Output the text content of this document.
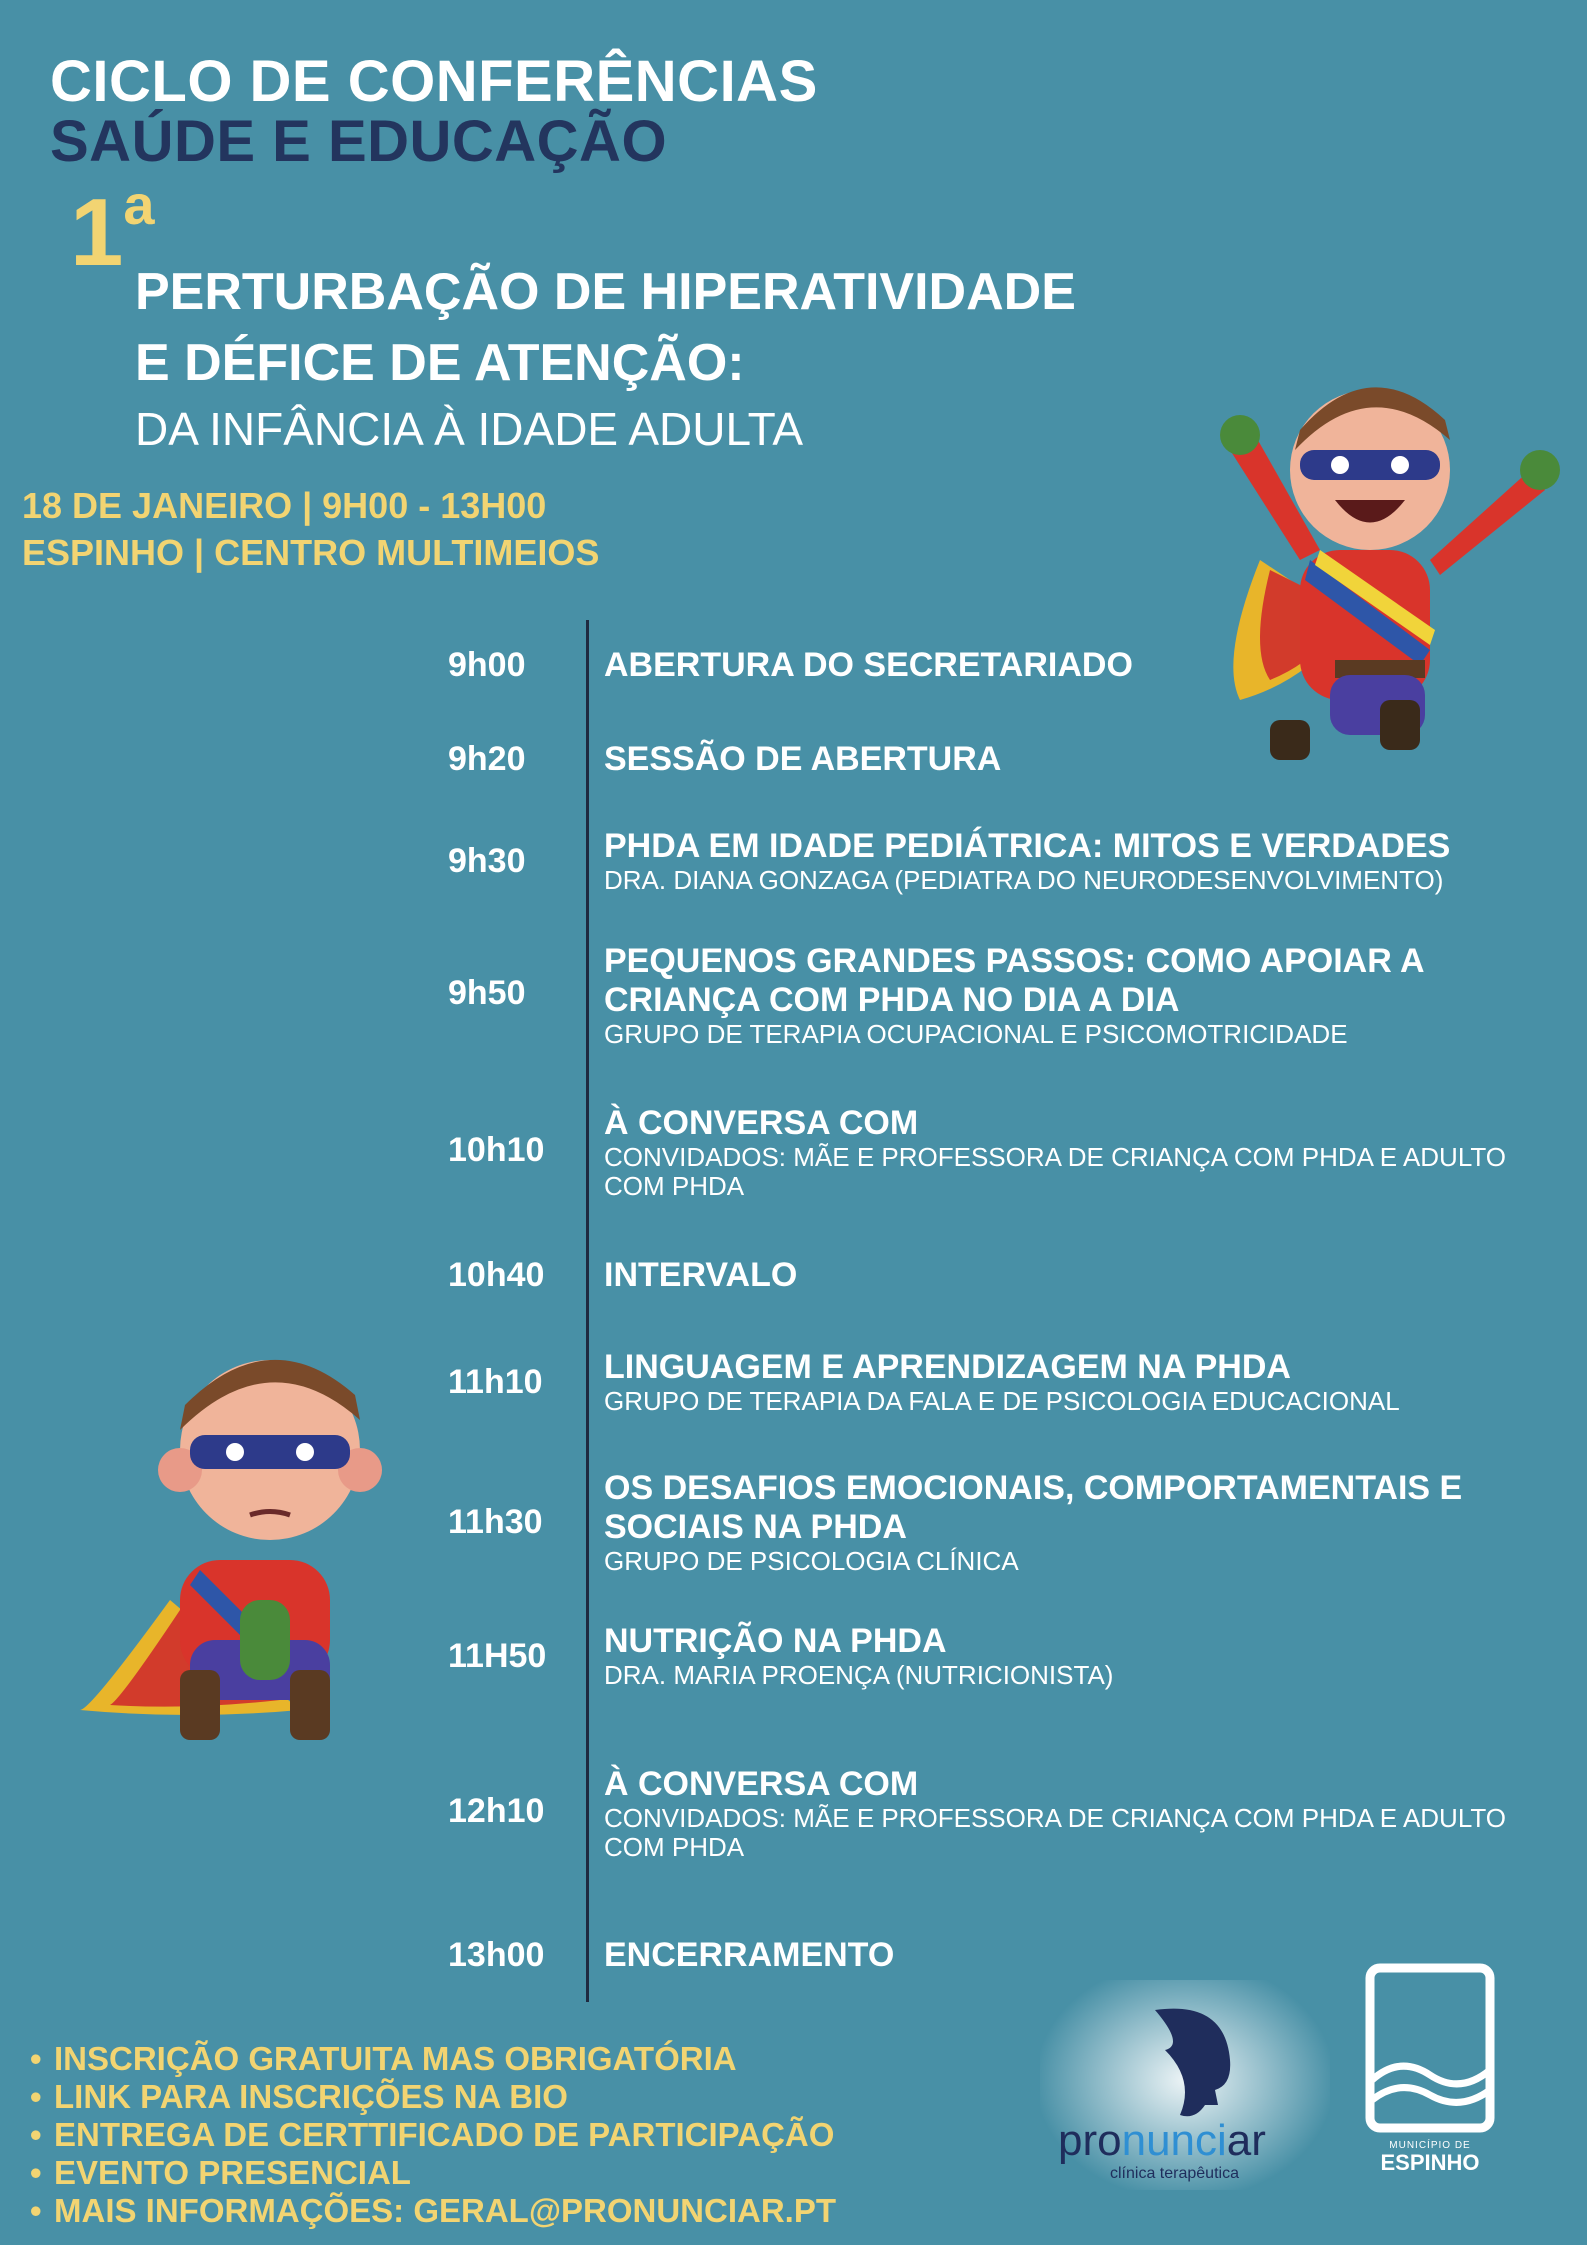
CICLO DE CONFERÊNCIAS
SAÚDE E EDUCAÇÃO
1$^a$
PERTURBAÇÃO DE HIPERATIVIDADE
E DÉFICE DE ATENÇÃO:
DA INFÂNCIA À IDADE ADULTA
18 DE JANEIRO | 9H00 - 13H00
ESPINHO | CENTRO MULTIMEIOS
9h00 ABERTURA DO SECRETARIADO
9h20 SESSÃO DE ABERTURA
9h30 PHDA EM IDADE PEDIÁTRICA: MITOS E VERDADES
DRA. DIANA GONZAGA (PEDIATRA DO NEURODESENVOLVIMENTO)
9h50
PEQUENOS GRANDES PASSOS: COMO APOIAR A
CRIANÇA COM PHDA NO DIA A DIA
GRUPO DE TERAPIA OCUPACIONAL E PSICOMOTRICIDADE
10h10
À CONVERSA COM
CONVIDADOS: MÃE E PROFESSORA DE CRIANÇA COM PHDA E ADULTO
COM PHDA
10h40 INTERVALO
11h10 LINGUAGEM E APRENDIZAGEM NA PHDA
GRUPO DE TERAPIA DA FALA E DE PSICOLOGIA EDUCACIONAL
11h30
OS DESAFIOS EMOCIONAIS, COMPORTAMENTAIS E
SOCIAIS NA PHDA
GRUPO DE PSICOLOGIA CLÍNICA
11H50 NUTRIÇÃO NA PHDA
DRA. MARIA PROENÇA (NUTRICIONISTA)
12h10
À CONVERSA COM
CONVIDADOS: MÃE E PROFESSORA DE CRIANÇA COM PHDA E ADULTO
COM PHDA
13h00 ENCERRAMENTO
• INSCRIÇÃO GRATUITA MAS OBRIGATÓRIA
• LINK PARA INSCRIÇÕES NA BIO
• ENTREGA DE CERTTIFICADO DE PARTICIPAÇÃO
• EVENTO PRESENCIAL
• MAIS INFORMAÇÕES: GERAL@PRONUNCIAR.PT
pronunciar
clínica terapêutica
MUNICÍPIO DE
ESPINHO
